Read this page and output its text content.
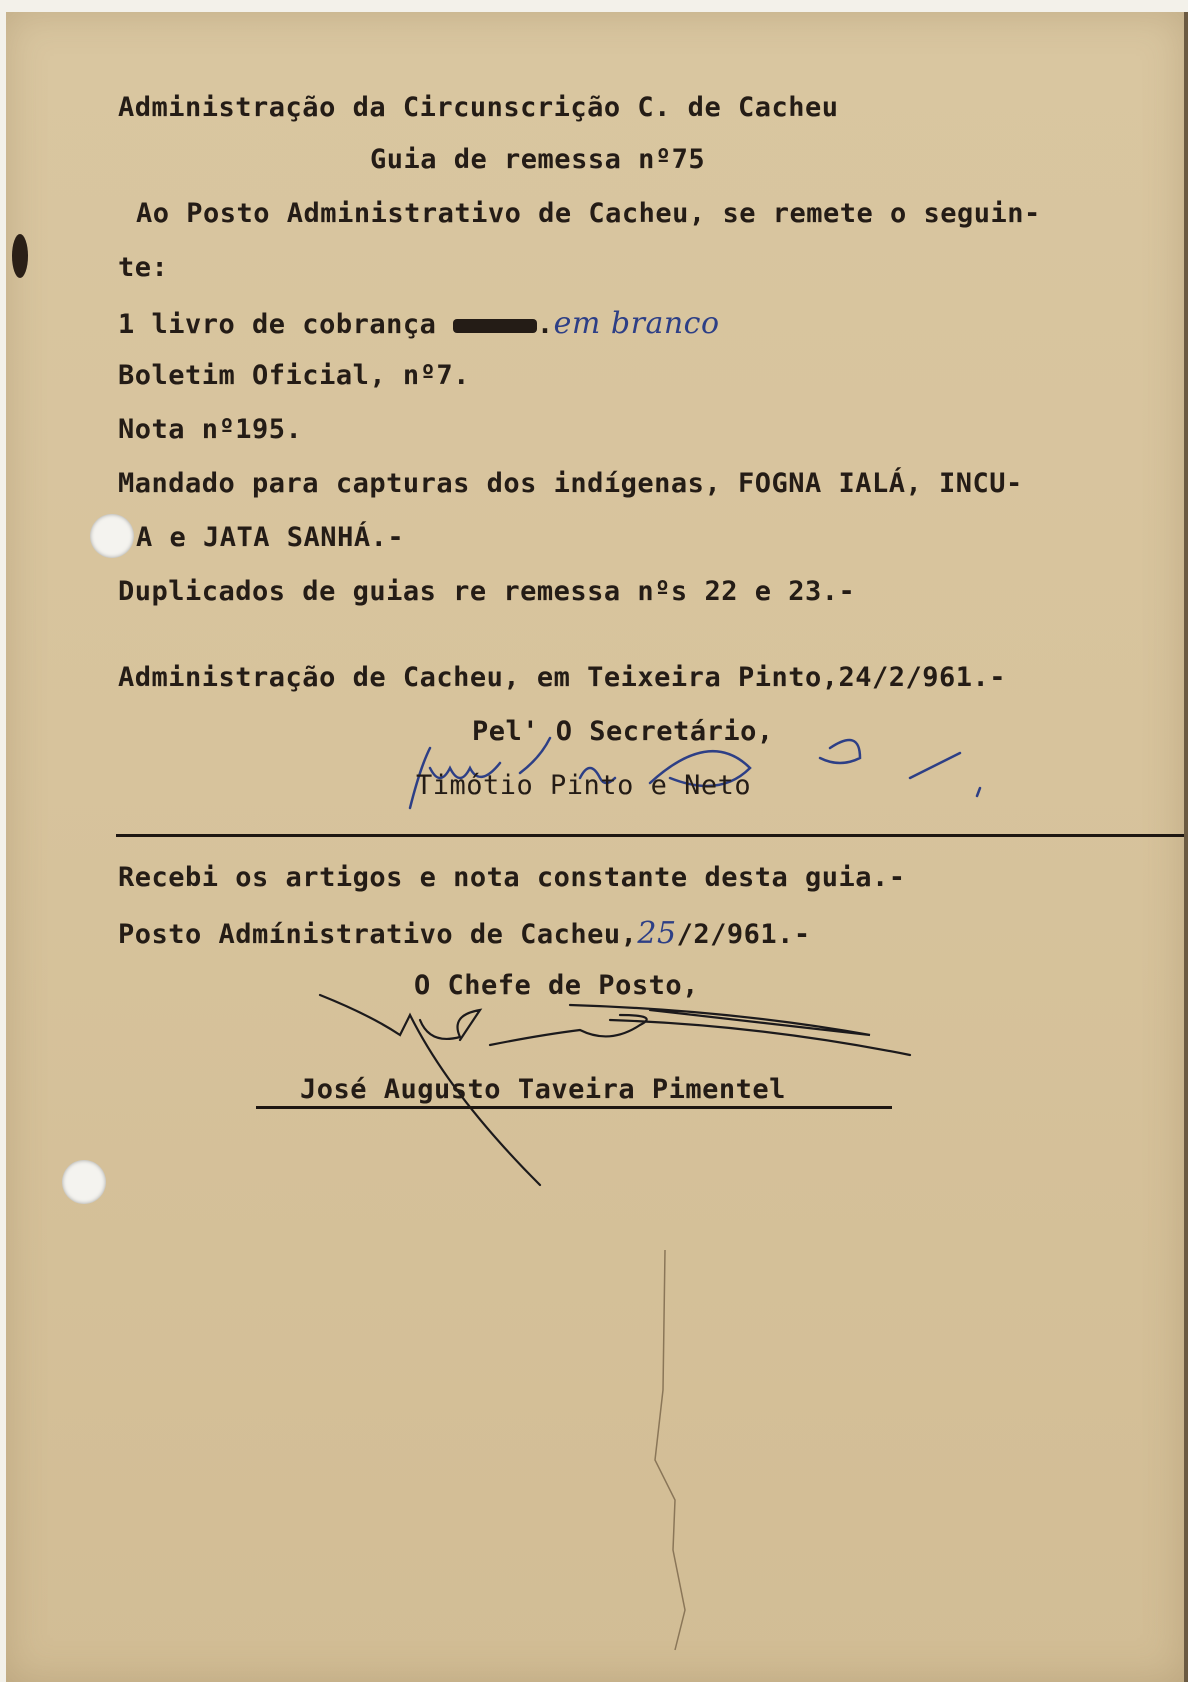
Administração da Circunscrição C. de Cacheu
Guia de remessa nº75
Ao Posto Administrativo de Cacheu, se remete o seguin-
te:
1 livro de cobrança	.em branco
Boletim Oficial, nº7.
Nota nº195.
Mandado para capturas dos indígenas, FOGNA IALÁ, INCU-
A e JATA SANHÁ.-
Duplicados de guias re remessa nºs 22 e 23.-
Administração de Cacheu, em Teixeira Pinto,24/2/961.-
Pel' O Secretário,
Timótio Pinto e Neto
Recebi os artigos e nota constante desta guia.-
Posto Admínistrativo de Cacheu,25/2/961.-
O Chefe de Posto,
José Augusto Taveira Pimentel
